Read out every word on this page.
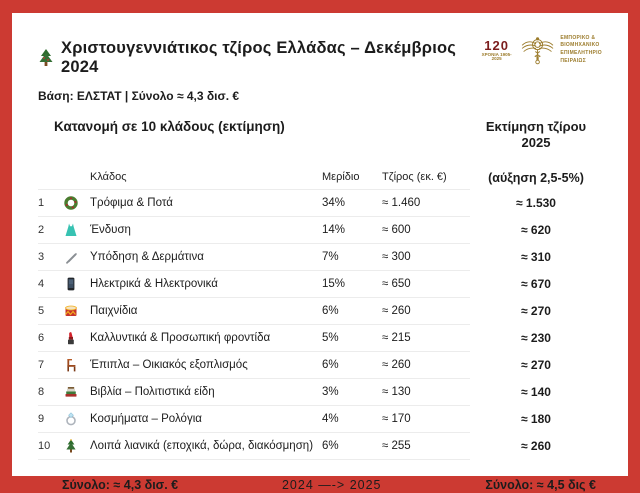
Χριστουγεννιάτικος τζίρος Ελλάδας – Δεκέμβριος 2024
120
ΧΡΟΝΙΑ 1905-2025
ΕΜΠΟΡΙΚΟ &
ΒΙΟΜΗΧΑΝΙΚΟ
ΕΠΙΜΕΛΗΤΗΡΙΟ
ΠΕΙΡΑΙΩΣ
Βάση: ΕΛΣΤΑΤ | Σύνολο ≈ 4,3 δισ. €
Κατανομή σε 10 κλάδους (εκτίμηση)	Εκτίμηση τζίρου
2025
Κλάδος	Μερίδιο	Τζίρος (εκ. €)	(αύξηση 2,5-5%)
1	Τρόφιμα & Ποτά	34%	≈ 1.460	≈ 1.530
2	Ένδυση	14%	≈ 600	≈ 620
3	Υπόδηση & Δερμάτινα	7%	≈ 300	≈ 310
4	Ηλεκτρικά & Ηλεκτρονικά	15%	≈ 650	≈ 670
5	Παιχνίδια	6%	≈ 260	≈ 270
6	Καλλυντικά & Προσωπική φροντίδα	5%	≈ 215	≈ 230
7	Έπιπλα – Οικιακός εξοπλισμός	6%	≈ 260	≈ 270
8	Βιβλία – Πολιτιστικά είδη	3%	≈ 130	≈ 140
9	Κοσμήματα – Ρολόγια	4%	≈ 170	≈ 180
10	Λοιπά λιανικά (εποχικά, δώρα, διακόσμηση) 6%	≈ 255	≈ 260
Σύνολο: ≈ 4,3 δισ. €	2024 —-> 2025	Σύνολο: ≈ 4,5 δις €
